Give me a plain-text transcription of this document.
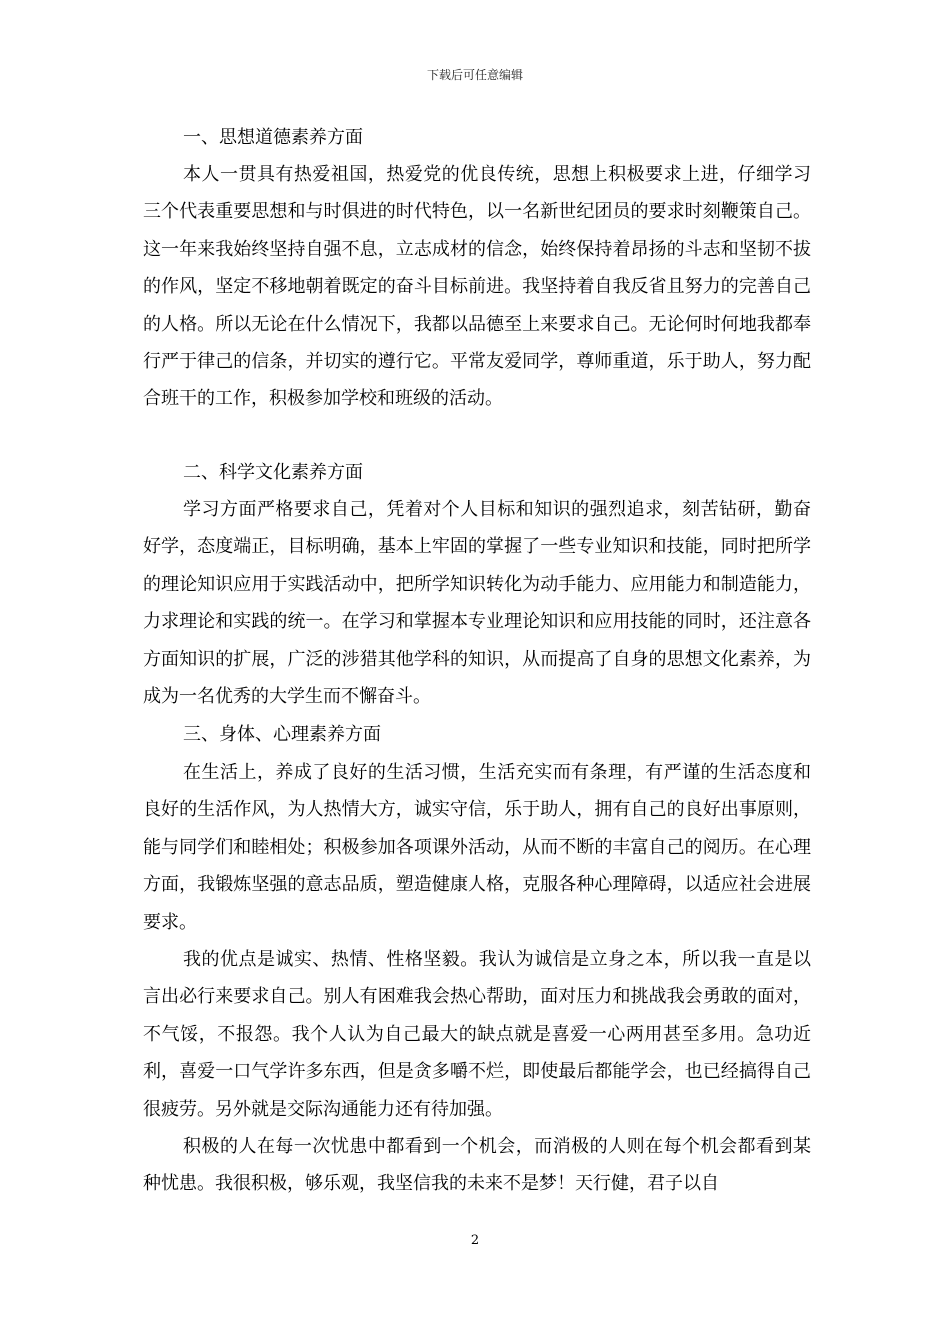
下载后可任意编辑
一、思想道德素养方面

本人一贯具有热爱祖国，热爱党的优良传统，思想上积极要求上进，仔细学习三个代表重要思想和与时俱进的时代特色，以一名新世纪团员的要求时刻鞭策自己。这一年来我始终坚持自强不息，立志成材的信念，始终保持着昂扬的斗志和坚韧不拔的作风，坚定不移地朝着既定的奋斗目标前进。我坚持着自我反省且努力的完善自己的人格。所以无论在什么情况下，我都以品德至上来要求自己。无论何时何地我都奉行严于律己的信条，并切实的遵行它。平常友爱同学，尊师重道，乐于助人，努力配合班干的工作，积极参加学校和班级的活动。

二、科学文化素养方面

学习方面严格要求自己，凭着对个人目标和知识的强烈追求，刻苦钻研，勤奋好学，态度端正，目标明确，基本上牢固的掌握了一些专业知识和技能，同时把所学的理论知识应用于实践活动中，把所学知识转化为动手能力、应用能力和制造能力，力求理论和实践的统一。在学习和掌握本专业理论知识和应用技能的同时，还注意各方面知识的扩展，广泛的涉猎其他学科的知识，从而提高了自身的思想文化素养，为成为一名优秀的大学生而不懈奋斗。

三、身体、心理素养方面

在生活上，养成了良好的生活习惯，生活充实而有条理，有严谨的生活态度和良好的生活作风，为人热情大方，诚实守信，乐于助人，拥有自己的良好出事原则，能与同学们和睦相处；积极参加各项课外活动，从而不断的丰富自己的阅历。在心理方面，我锻炼坚强的意志品质，塑造健康人格，克服各种心理障碍，以适应社会进展要求。

我的优点是诚实、热情、性格坚毅。我认为诚信是立身之本，所以我一直是以言出必行来要求自己。别人有困难我会热心帮助，面对压力和挑战我会勇敢的面对，不气馁，不报怨。我个人认为自己最大的缺点就是喜爱一心两用甚至多用。急功近利，喜爱一口气学许多东西，但是贪多嚼不烂，即使最后都能学会，也已经搞得自己很疲劳。另外就是交际沟通能力还有待加强。

积极的人在每一次忧患中都看到一个机会，而消极的人则在每个机会都看到某种忧患。我很积极，够乐观，我坚信我的未来不是梦！天行健，君子以自

2
